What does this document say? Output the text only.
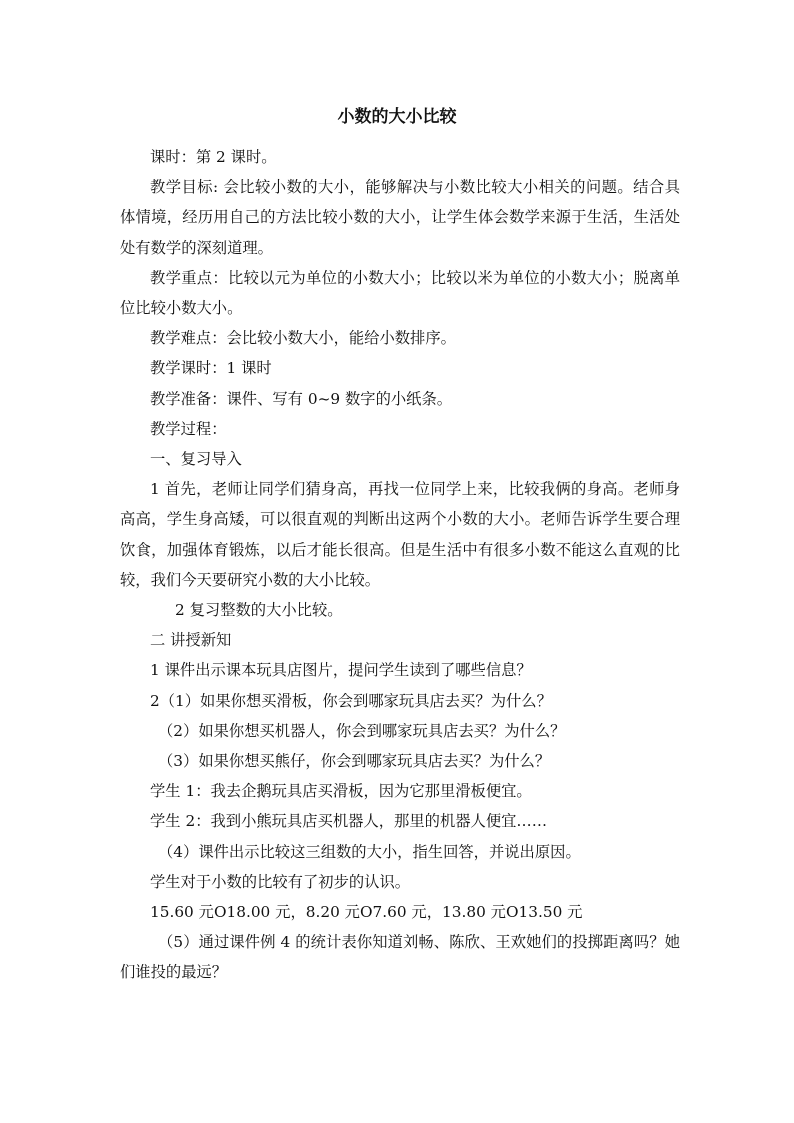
小数的大小比较

课时：第 2 课时。

教学目标: 会比较小数的大小，能够解决与小数比较大小相关的问题。结合具体情境，经历用自己的方法比较小数的大小，让学生体会数学来源于生活，生活处处有数学的深刻道理。

教学重点：比较以元为单位的小数大小；比较以米为单位的小数大小；脱离单位比较小数大小。

教学难点：会比较小数大小，能给小数排序。

教学课时：1 课时

教学准备：课件、写有 0~9 数字的小纸条。

教学过程：

一、复习导入

1 首先，老师让同学们猜身高，再找一位同学上来，比较我俩的身高。老师身高高，学生身高矮，可以很直观的判断出这两个小数的大小。老师告诉学生要合理饮食，加强体育锻炼，以后才能长很高。但是生活中有很多小数不能这么直观的比较，我们今天要研究小数的大小比较。

2 复习整数的大小比较。

二 讲授新知

1 课件出示课本玩具店图片，提问学生读到了哪些信息？

2（1）如果你想买滑板，你会到哪家玩具店去买？为什么？

（2）如果你想买机器人，你会到哪家玩具店去买？为什么？

（3）如果你想买熊仔，你会到哪家玩具店去买？为什么？

学生 1：我去企鹅玩具店买滑板，因为它那里滑板便宜。

学生 2：我到小熊玩具店买机器人，那里的机器人便宜……

（4）课件出示比较这三组数的大小，指生回答，并说出原因。

学生对于小数的比较有了初步的认识。

15.60 元O18.00 元，8.20 元O7.60 元，13.80 元O13.50 元

（5）通过课件例 4 的统计表你知道刘畅、陈欣、王欢她们的投掷距离吗？她们谁投的最远？
